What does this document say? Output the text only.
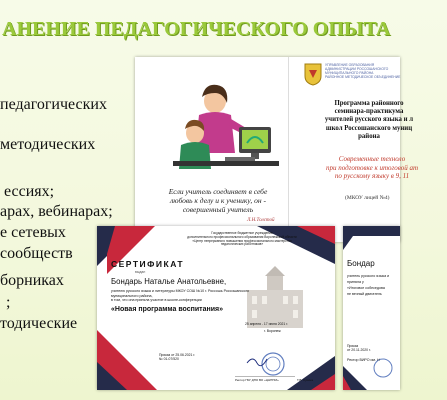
АНЕНИЕ ПЕДАГОГИЧЕСКОГО ОПЫТА
педагогических
методических
ессиях;
арах, вебинарах;
е сетевых
сообществ
борниках
;
тодические
Если учитель соединяет в себе любовь к делу и к ученику, он - совершенный учитель
Л.Н.Толстой
УПРАВЛЕНИЕ ОБРАЗОВАНИЯ
АДМИНИСТРАЦИИ РОССОШАНСКОГО
МУНИЦИПАЛЬНОГО РАЙОНА
РАЙОННОЕ МЕТОДИЧЕСКОЕ ОБЪЕДИНЕНИЕ
Программа районного
семинара-практикума
учителей русского языка и л
школ Россошанского муниц
района
Современные техноло
при подготовке к итоговой ат
по русскому языку в 9, 11
(МКОУ лицей №4)
Государственное бюджетное учреждение
дополнительного профессионального образования Воронежской области
«Центр непрерывного повышения профессионального мастерства
педагогических работников»
СЕРТИФИКАТ
выдан
Бондарь Наталье Анатольевне,
учителю русского языка и литературы МКОУ СОШ №10 г. Россошь Россошанского
муниципального района,
в том, что она приняла участие в школе-конференции
«Новая программа воспитания»
25 апреля - 17 июня 2021 г.
г. Воронеж
Приказ от 25.06.2021 г.
№ 01-07/520
Ректор ГБУ ДПО ВО «ЦНППМ»	Т.В. Сукина
Бондар
учитель русского языка и
приняла у
«Итоговое собеседова
не вечный двигатель
Приказ
от 20.11.2020 г.
Ректор ВИРО им. Н
